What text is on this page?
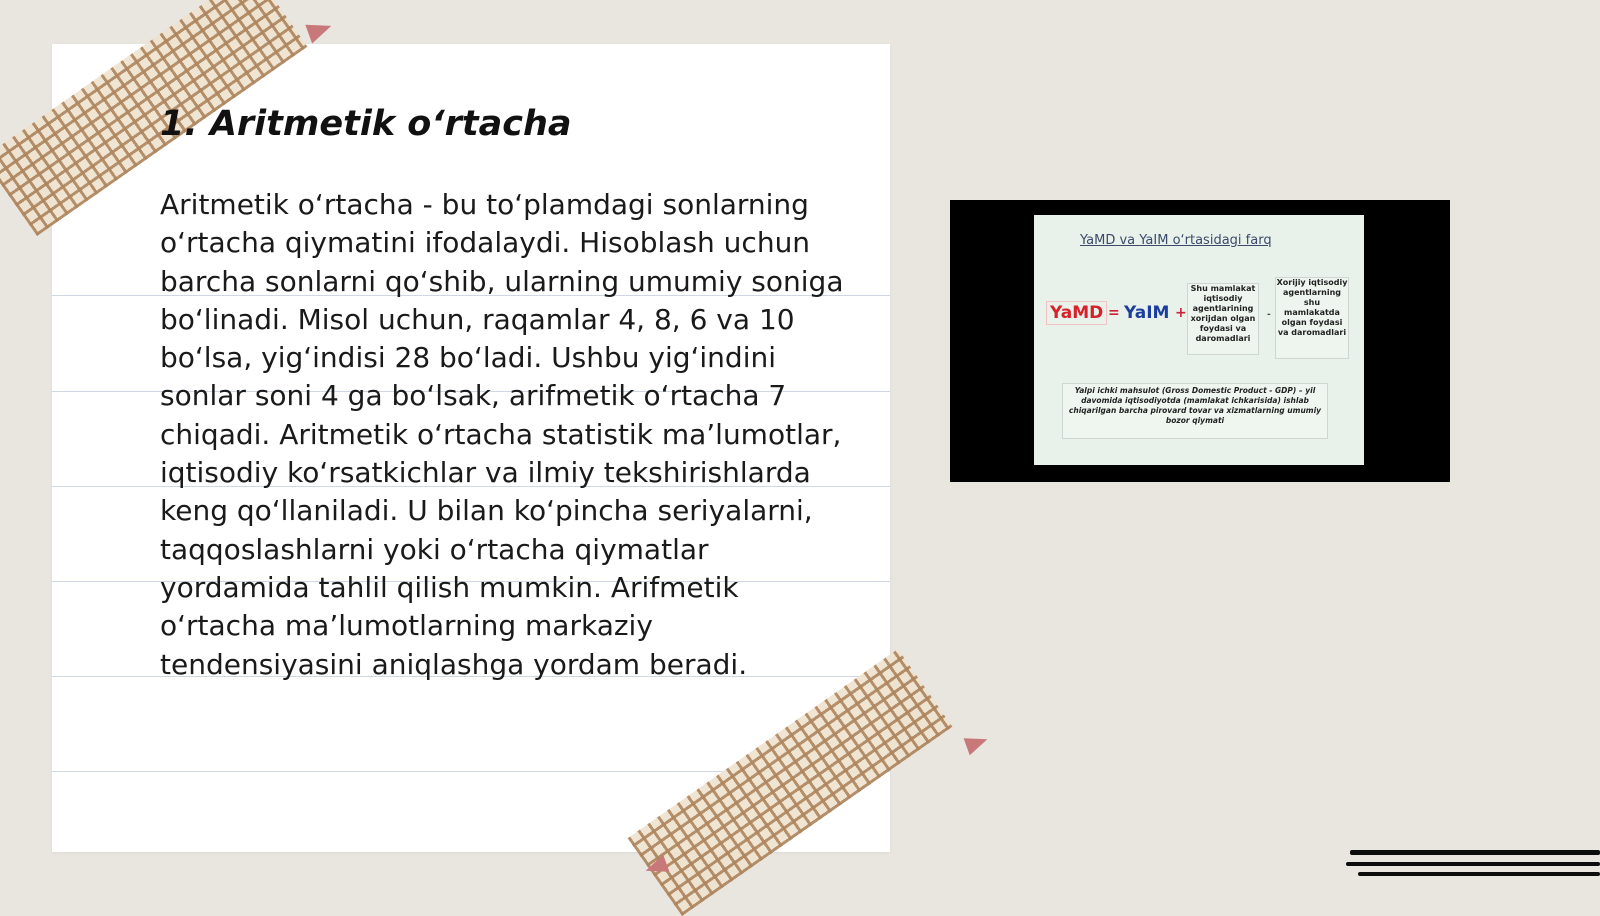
1. Aritmetik o‘rtacha

Aritmetik o‘rtacha - bu to‘plamdagi sonlarning o‘rtacha qiymatini ifodalaydi. Hisoblash uchun barcha sonlarni qo‘shib, ularning umumiy soniga bo‘linadi. Misol uchun, raqamlar 4, 8, 6 va 10 bo‘lsa, yig‘indisi 28 bo‘ladi. Ushbu yig‘indini sonlar soni 4 ga bo‘lsak, arifmetik o‘rtacha 7 chiqadi. Aritmetik o‘rtacha statistik ma’lumotlar, iqtisodiy ko‘rsatkichlar va ilmiy tekshirishlarda keng qo‘llaniladi. U bilan ko‘pincha seriyalarni, taqqoslashlarni yoki o‘rtacha qiymatlar yordamida tahlil qilish mumkin. Arifmetik o‘rtacha ma’lumotlarning markaziy tendensiyasini aniqlashga yordam beradi.

YaMD va YaIM o‘rtasidagi farq
YaMD = YaIM +
Shu mamlakat iqtisodiy agentlarining xorijdan olgan foydasi va daromadlari
-
Xorijiy iqtisodiy agentlarning shu mamlakatda olgan foydasi va daromadlari
Yalpi ichki mahsulot (Gross Domestic Product - GDP) – yil davomida iqtisodiyotda (mamlakat ichkarisida) ishlab chiqarilgan barcha pirovard tovar va xizmatlarning umumiy bozor qiymati
